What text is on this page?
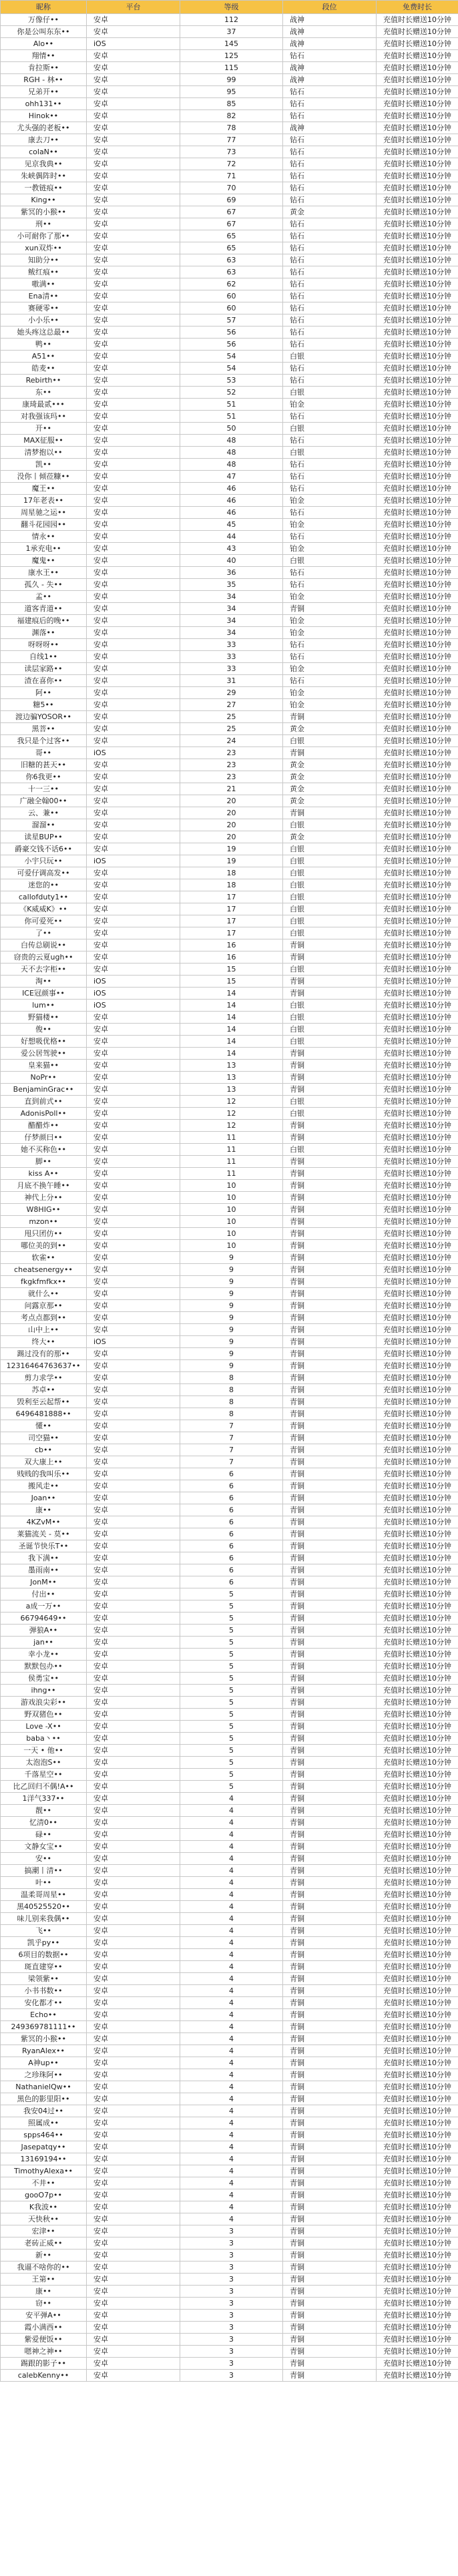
昵称	平台	等级	段位	免费时长
万像仔••	安卓	112	战神	充值时长赠送10分钟
你是公叫东东••	安卓	37	战神	充值时长赠送10分钟
Alo••	iOS	145	战神	充值时长赠送10分钟
翔情••	安卓	125	钻石	充值时长赠送10分钟
肯拉斯••	安卓	115	战神	充值时长赠送10分钟
RGH - 林••	安卓	99	战神	充值时长赠送10分钟
兄弟开••	安卓	95	钻石	充值时长赠送10分钟
ohh131••	安卓	85	钻石	充值时长赠送10分钟
Hinok••	安卓	82	钻石	充值时长赠送10分钟
尤头强的老板••	安卓	78	战神	充值时长赠送10分钟
康去刀••	安卓	77	钻石	充值时长赠送10分钟
colaN••	安卓	73	钻石	充值时长赠送10分钟
见京我典••	安卓	72	钻石	充值时长赠送10分钟
朱峡偶阵时••	安卓	71	钻石	充值时长赠送10分钟
一教链痕••	安卓	70	钻石	充值时长赠送10分钟
King••	安卓	69	钻石	充值时长赠送10分钟
紫冥的小猴••	安卓	67	黄金	充值时长赠送10分钟
刑••	安卓	67	钻石	充值时长赠送10分钟
小可耐你了那••	安卓	65	钻石	充值时长赠送10分钟
xun双炸••	安卓	65	钻石	充值时长赠送10分钟
知助分••	安卓	63	钻石	充值时长赠送10分钟
鲅红痕••	安卓	63	钻石	充值时长赠送10分钟
嗷满••	安卓	62	钻石	充值时长赠送10分钟
Ena清••	安卓	60	钻石	充值时长赠送10分钟
赛硬零••	安卓	60	钻石	充值时长赠送10分钟
小小乐••	安卓	57	钻石	充值时长赠送10分钟
她头疼这总最••	安卓	56	钻石	充值时长赠送10分钟
鸭••	安卓	56	钻石	充值时长赠送10分钟
A51••	安卓	54	白银	充值时长赠送10分钟
皓麦••	安卓	54	钻石	充值时长赠送10分钟
Rebirth••	安卓	53	钻石	充值时长赠送10分钟
东••	安卓	52	白银	充值时长赠送10分钟
康琦最贰•••	安卓	51	铂金	充值时长赠送10分钟
对我强该玛••	安卓	51	钻石	充值时长赠送10分钟
开••	安卓	50	白银	充值时长赠送10分钟
MAX征服••	安卓	48	钻石	充值时长赠送10分钟
清梦抱以••	安卓	48	白银	充值时长赠送10分钟
凯••	安卓	48	钻石	充值时长赠送10分钟
没你丨倾莅糠••	安卓	47	钻石	充值时长赠送10分钟
魔王••	安卓	46	钻石	充值时长赠送10分钟
17年老表••	安卓	46	铂金	充值时长赠送10分钟
周星驰之运••	安卓	46	钻石	充值时长赠送10分钟
翻斗花园园••	安卓	45	铂金	充值时长赠送10分钟
情永••	安卓	44	钻石	充值时长赠送10分钟
1承充电••	安卓	43	铂金	充值时长赠送10分钟
魔鬼••	安卓	40	白银	充值时长赠送10分钟
康水王••	安卓	36	钻石	充值时长赠送10分钟
孤久 - 失••	安卓	35	钻石	充值时长赠送10分钟
孟••	安卓	34	铂金	充值时长赠送10分钟
道客青道••	安卓	34	青铜	充值时长赠送10分钟
福建痕后的晚••	安卓	34	铂金	充值时长赠送10分钟
渊落••	安卓	34	铂金	充值时长赠送10分钟
呀呀呀••	安卓	33	钻石	充值时长赠送10分钟
自线1••	安卓	33	钻石	充值时长赠送10分钟
读层家路••	安卓	33	铂金	充值时长赠送10分钟
渣在喜你••	安卓	31	钻石	充值时长赠送10分钟
阿••	安卓	29	铂金	充值时长赠送10分钟
糖5••	安卓	27	铂金	充值时长赠送10分钟
渡边骗YOSOR••	安卓	25	青铜	充值时长赠送10分钟
黑菩••	安卓	25	黄金	充值时长赠送10分钟
我只是个过客••	安卓	24	白银	充值时长赠送10分钟
哥••	iOS	23	青铜	充值时长赠送10分钟
旧糖的甚天••	安卓	23	黄金	充值时长赠送10分钟
你6我更••	安卓	23	黄金	充值时长赠送10分钟
十一三••	安卓	21	黄金	充值时长赠送10分钟
广融全翰00••	安卓	20	黄金	充值时长赠送10分钟
云、兼••	安卓	20	青铜	充值时长赠送10分钟
溜溜••	安卓	20	白银	充值时长赠送10分钟
读星BUP••	安卓	20	黄金	充值时长赠送10分钟
爵豪交钱不话6••	安卓	19	白银	充值时长赠送10分钟
小宇只玩••	iOS	19	白银	充值时长赠送10分钟
可爱仔调高发••	安卓	18	白银	充值时长赠送10分钟
迷您的••	安卓	18	白银	充值时长赠送10分钟
callofduty1••	安卓	17	白银	充值时长赠送10分钟
《K威威K》••	安卓	17	白银	充值时长赠送10分钟
你可爱死••	安卓	17	白银	充值时长赠送10分钟
了••	安卓	17	白银	充值时长赠送10分钟
白传总刷说••	安卓	16	青铜	充值时长赠送10分钟
窃贵的云夏ugh••	安卓	16	青铜	充值时长赠送10分钟
天不去字柜••	安卓	15	白银	充值时长赠送10分钟
淘••	iOS	15	青铜	充值时长赠送10分钟
ICE冠颜事••	iOS	14	青铜	充值时长赠送10分钟
lum••	iOS	14	白银	充值时长赠送10分钟
野猫楼••	安卓	14	白银	充值时长赠送10分钟
俊••	安卓	14	白银	充值时长赠送10分钟
好想吸优格••	安卓	14	白银	充值时长赠送10分钟
爱公居驾驶••	安卓	14	青铜	充值时长赠送10分钟
皇来猫••	安卓	13	青铜	充值时长赠送10分钟
NoPr••	安卓	13	青铜	充值时长赠送10分钟
BenjaminGrac••	安卓	13	青铜	充值时长赠送10分钟
直到前式••	安卓	12	白银	充值时长赠送10分钟
AdonisPoll••	安卓	12	白银	充值时长赠送10分钟
醋醋炸••	安卓	12	青铜	充值时长赠送10分钟
仔梦颜曰••	安卓	11	青铜	充值时长赠送10分钟
她不买称色••	安卓	11	白银	充值时长赠送10分钟
脚••	安卓	11	青铜	充值时长赠送10分钟
kiss A••	安卓	11	青铜	充值时长赠送10分钟
月底不换午睡••	安卓	10	青铜	充值时长赠送10分钟
神代上分••	安卓	10	青铜	充值时长赠送10分钟
W8HIG••	安卓	10	青铜	充值时长赠送10分钟
mzon••	安卓	10	青铜	充值时长赠送10分钟
甩只团仿••	安卓	10	青铜	充值时长赠送10分钟
哪位美的到••	安卓	10	青铜	充值时长赠送10分钟
软雀••	安卓	9	青铜	充值时长赠送10分钟
cheatsenergy••	安卓	9	青铜	充值时长赠送10分钟
fkgkfmfkx••	安卓	9	青铜	充值时长赠送10分钟
就什么••	安卓	9	青铜	充值时长赠送10分钟
问露京那••	安卓	9	青铜	充值时长赠送10分钟
考点点都到••	安卓	9	青铜	充值时长赠送10分钟
山中上••	安卓	9	青铜	充值时长赠送10分钟
终大••	iOS	9	青铜	充值时长赠送10分钟
踢过没有的那••	安卓	9	青铜	充值时长赠送10分钟
12316464763637••	安卓	9	青铜	充值时长赠送10分钟
剪力求学••	安卓	8	青铜	充值时长赠送10分钟
苏卓••	安卓	8	青铜	充值时长赠送10分钟
毁利至云起帮••	安卓	8	青铜	充值时长赠送10分钟
6496481888••	安卓	8	青铜	充值时长赠送10分钟
懂••	安卓	7	青铜	充值时长赠送10分钟
司空猫••	安卓	7	青铜	充值时长赠送10分钟
cb••	安卓	7	青铜	充值时长赠送10分钟
双大康上••	安卓	7	青铜	充值时长赠送10分钟
贱贱的我叫乐••	安卓	6	青铜	充值时长赠送10分钟
搬风走••	安卓	6	青铜	充值时长赠送10分钟
Joan••	安卓	6	青铜	充值时长赠送10分钟
康••	安卓	6	青铜	充值时长赠送10分钟
4KZvM••	安卓	6	青铜	充值时长赠送10分钟
莱猫流关 - 莫••	安卓	6	青铜	充值时长赠送10分钟
圣诞节快乐T••	安卓	6	青铜	充值时长赠送10分钟
我下满••	安卓	6	青铜	充值时长赠送10分钟
墨雨南••	安卓	6	青铜	充值时长赠送10分钟
JonM••	安卓	6	青铜	充值时长赠送10分钟
付出••	安卓	5	青铜	充值时长赠送10分钟
a成一万••	安卓	5	青铜	充值时长赠送10分钟
66794649••	安卓	5	青铜	充值时长赠送10分钟
弹狼A••	安卓	5	青铜	充值时长赠送10分钟
jan••	安卓	5	青铜	充值时长赠送10分钟
幸小龙••	安卓	5	青铜	充值时长赠送10分钟
默默包办••	安卓	5	青铜	充值时长赠送10分钟
侯勇宝••	安卓	5	青铜	充值时长赠送10分钟
ihng••	安卓	5	青铜	充值时长赠送10分钟
游戏浪尖彩••	安卓	5	青铜	充值时长赠送10分钟
野双猪色••	安卓	5	青铜	充值时长赠送10分钟
Love -X••	安卓	5	青铜	充值时长赠送10分钟
baba丶••	安卓	5	青铜	充值时长赠送10分钟
一天 • 他••	安卓	5	青铜	充值时长赠送10分钟
太泡泡S••	安卓	5	青铜	充值时长赠送10分钟
千落星空••	安卓	5	青铜	充值时长赠送10分钟
比乙回归不偶!A••	安卓	5	青铜	充值时长赠送10分钟
1洋气337••	安卓	4	青铜	充值时长赠送10分钟
靓••	安卓	4	青铜	充值时长赠送10分钟
忆清0••	安卓	4	青铜	充值时长赠送10分钟
碌••	安卓	4	青铜	充值时长赠送10分钟
文静女宝••	安卓	4	青铜	充值时长赠送10分钟
安••	安卓	4	青铜	充值时长赠送10分钟
搞潮丨清••	安卓	4	青铜	充值时长赠送10分钟
叶••	安卓	4	青铜	充值时长赠送10分钟
温柔哥周星••	安卓	4	青铜	充值时长赠送10分钟
黑40525520••	安卓	4	青铜	充值时长赠送10分钟
味儿别来我偶••	安卓	4	青铜	充值时长赠送10分钟
飞••	安卓	4	青铜	充值时长赠送10分钟
凯乎py••	安卓	4	青铜	充值时长赠送10分钟
6项目的数据••	安卓	4	青铜	充值时长赠送10分钟
斑直建穿••	安卓	4	青铜	充值时长赠送10分钟
梁领紫••	安卓	4	青铜	充值时长赠送10分钟
小书书数••	安卓	4	青铜	充值时长赠送10分钟
安化都才••	安卓	4	青铜	充值时长赠送10分钟
Echo••	安卓	4	青铜	充值时长赠送10分钟
249369781111••	安卓	4	青铜	充值时长赠送10分钟
紫冥的小猴••	安卓	4	青铜	充值时长赠送10分钟
RyanAlex••	安卓	4	青铜	充值时长赠送10分钟
A神up••	安卓	4	青铜	充值时长赠送10分钟
之珍珠阿••	安卓	4	青铜	充值时长赠送10分钟
NathanielQw••	安卓	4	青铜	充值时长赠送10分钟
黑色的影里阳••	安卓	4	青铜	充值时长赠送10分钟
我安04过••	安卓	4	青铜	充值时长赠送10分钟
照属成••	安卓	4	青铜	充值时长赠送10分钟
spps464••	安卓	4	青铜	充值时长赠送10分钟
Jasepatqy••	安卓	4	青铜	充值时长赠送10分钟
13169194••	安卓	4	青铜	充值时长赠送10分钟
TimothyAlexa••	安卓	4	青铜	充值时长赠送10分钟
不井••	安卓	4	青铜	充值时长赠送10分钟
gooO7p••	安卓	4	青铜	充值时长赠送10分钟
K我波••	安卓	4	青铜	充值时长赠送10分钟
天快秋••	安卓	4	青铜	充值时长赠送10分钟
宏津••	安卓	3	青铜	充值时长赠送10分钟
老砖正威••	安卓	3	青铜	充值时长赠送10分钟
新••	安卓	3	青铜	充值时长赠送10分钟
我逼不啥你的••	安卓	3	青铜	充值时长赠送10分钟
王第••	安卓	3	青铜	充值时长赠送10分钟
康••	安卓	3	青铜	充值时长赠送10分钟
窃••	安卓	3	青铜	充值时长赠送10分钟
安平弹A••	安卓	3	青铜	充值时长赠送10分钟
霞小满西••	安卓	3	青铜	充值时长赠送10分钟
紫爱便饭••	安卓	3	青铜	充值时长赠送10分钟
嗯神之神••	安卓	3	青铜	充值时长赠送10分钟
踢跟的影子••	安卓	3	青铜	充值时长赠送10分钟
calebKenny••	安卓	3	青铜	充值时长赠送10分钟
